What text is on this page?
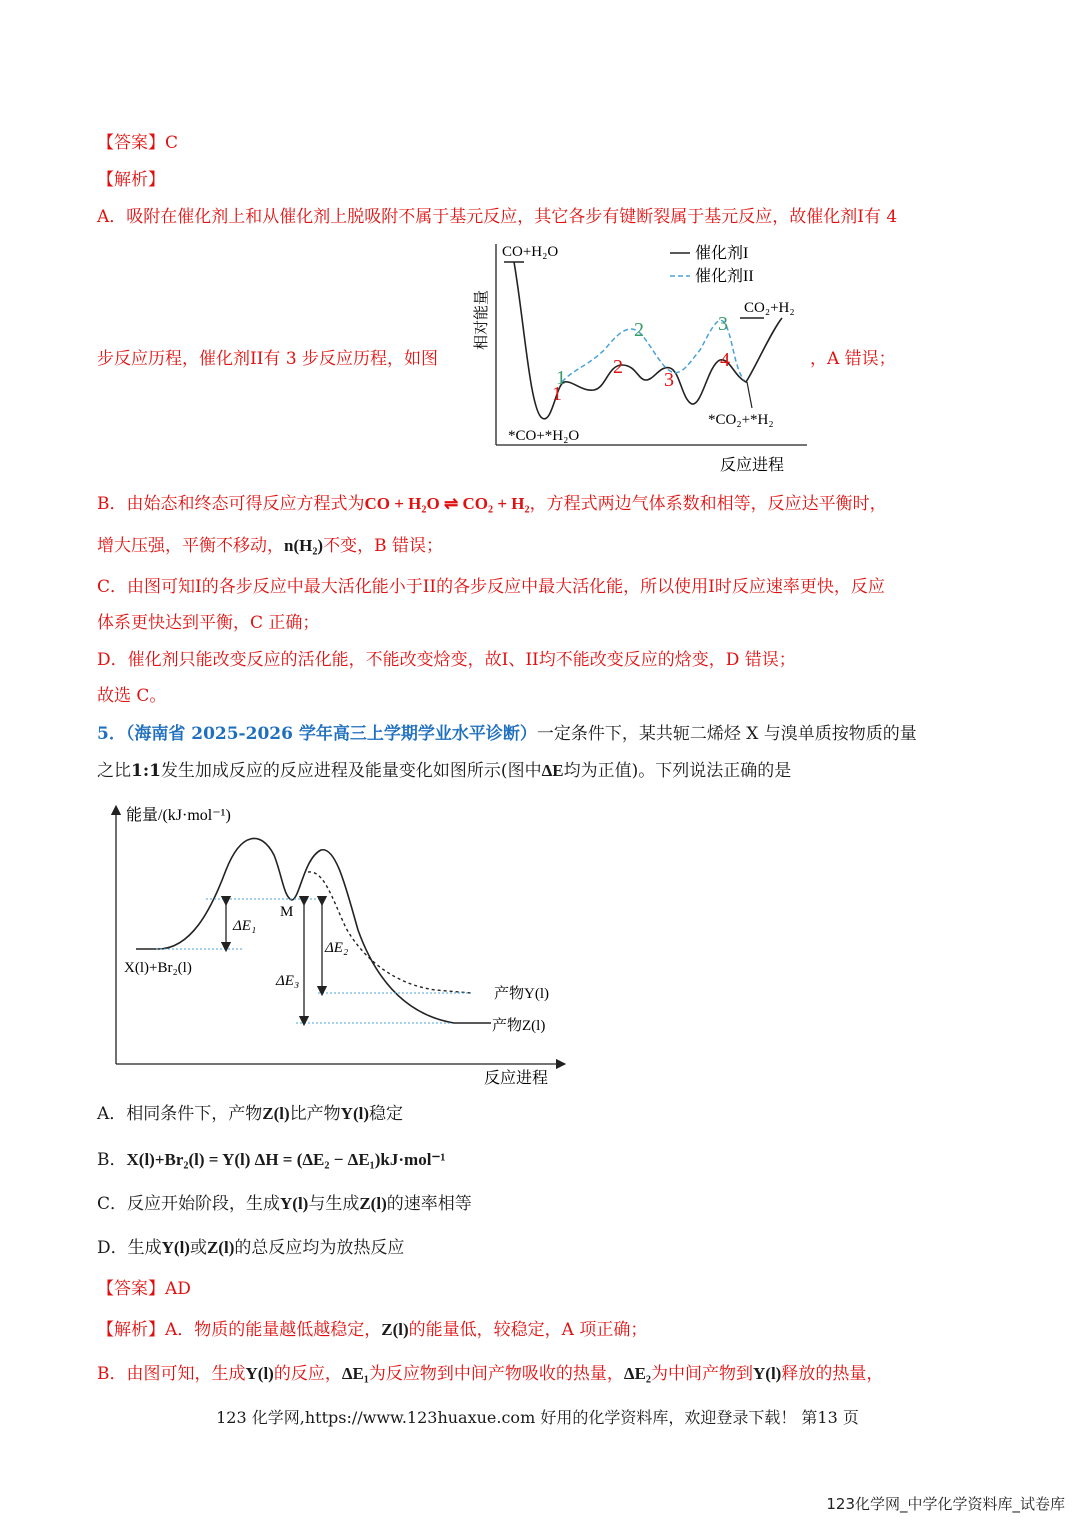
【答案】C
【解析】
A．吸附在催化剂上和从催化剂上脱吸附不属于基元反应，其它各步有键断裂属于基元反应，故催化剂I有 4
步反应历程，催化剂II有 3 步反应历程，如图	，A 错误；
相对能量
反应进程
CO+H₂O
CO₂+H₂
*CO+*H₂O
*CO₂+*H₂
催化剂I
催化剂II
1
2
3
4
1
2	3
B．由始态和终态可得反应方程式为CO + H₂O ⇌ CO₂ + H₂，方程式两边气体系数和相等，反应达平衡时，
增大压强，平衡不移动，n(H₂)不变，B 错误；
C．由图可知I的各步反应中最大活化能小于II的各步反应中最大活化能，所以使用I时反应速率更快，反应
体系更快达到平衡，C 正确；
D．催化剂只能改变反应的活化能，不能改变焓变，故I、II均不能改变反应的焓变，D 错误；
故选 C。
5．（海南省 2025-2026 学年高三上学期学业水平诊断）一定条件下，某共轭二烯烃 X 与溴单质按物质的量
之比1:1发生加成反应的反应进程及能量变化如图所示(图中ΔE均为正值)。下列说法正确的是
能量/(kJ·mol⁻¹)
反应进程
ΔE₁
ΔE₂
ΔE₃
M
X(l)+Br₂(l)
产物Y(l)
产物Z(l)
A．相同条件下，产物Z(l)比产物Y(l)稳定
B．X(l)+Br₂(l) = Y(l) ΔH = (ΔE₂ − ΔE₁)kJ·mol⁻¹
C．反应开始阶段，生成Y(l)与生成Z(l)的速率相等
D．生成Y(l)或Z(l)的总反应均为放热反应
【答案】AD
【解析】A．物质的能量越低越稳定，Z(l)的能量低，较稳定，A 项正确；
B．由图可知，生成Y(l)的反应，ΔE₁为反应物到中间产物吸收的热量，ΔE₂为中间产物到Y(l)释放的热量，
123 化学网,https://www.123huaxue.com 好用的化学资料库，欢迎登录下载！ 第13 页
123化学网_中学化学资料库_试卷库
